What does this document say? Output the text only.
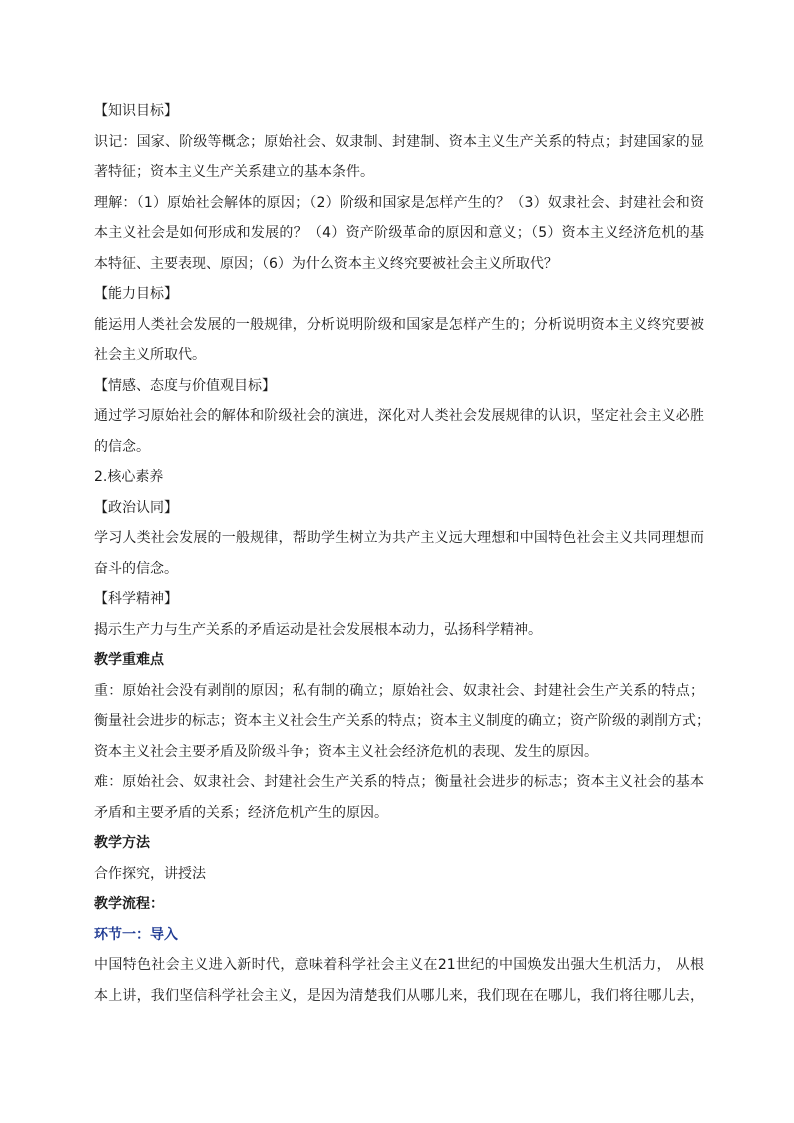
【知识目标】
识记：国家、阶级等概念；原始社会、奴隶制、封建制、资本主义生产关系的特点；封建国家的显
著特征；资本主义生产关系建立的基本条件。
理解：（1）原始社会解体的原因；（2）阶级和国家是怎样产生的？（3）奴隶社会、封建社会和资
本主义社会是如何形成和发展的？（4）资产阶级革命的原因和意义；（5）资本主义经济危机的基
本特征、主要表现、原因；（6）为什么资本主义终究要被社会主义所取代？
【能力目标】
能运用人类社会发展的一般规律，分析说明阶级和国家是怎样产生的；分析说明资本主义终究要被
社会主义所取代。
【情感、态度与价值观目标】
通过学习原始社会的解体和阶级社会的演进，深化对人类社会发展规律的认识，坚定社会主义必胜
的信念。
2.核心素养
【政治认同】
学习人类社会发展的一般规律，帮助学生树立为共产主义远大理想和中国特色社会主义共同理想而
奋斗的信念。
【科学精神】
揭示生产力与生产关系的矛盾运动是社会发展根本动力，弘扬科学精神。
教学重难点
重：原始社会没有剥削的原因；私有制的确立；原始社会、奴隶社会、封建社会生产关系的特点；
衡量社会进步的标志；资本主义社会生产关系的特点；资本主义制度的确立；资产阶级的剥削方式；
资本主义社会主要矛盾及阶级斗争；资本主义社会经济危机的表现、发生的原因。
难：原始社会、奴隶社会、封建社会生产关系的特点；衡量社会进步的标志；资本主义社会的基本
矛盾和主要矛盾的关系；经济危机产生的原因。
教学方法
合作探究，讲授法
教学流程：
环节一：导入
中国特色社会主义进入新时代，意味着科学社会主义在21世纪的中国焕发出强大生机活力， 从根
本上讲，我们坚信科学社会主义，是因为清楚我们从哪儿来，我们现在在哪儿，我们将往哪儿去，
